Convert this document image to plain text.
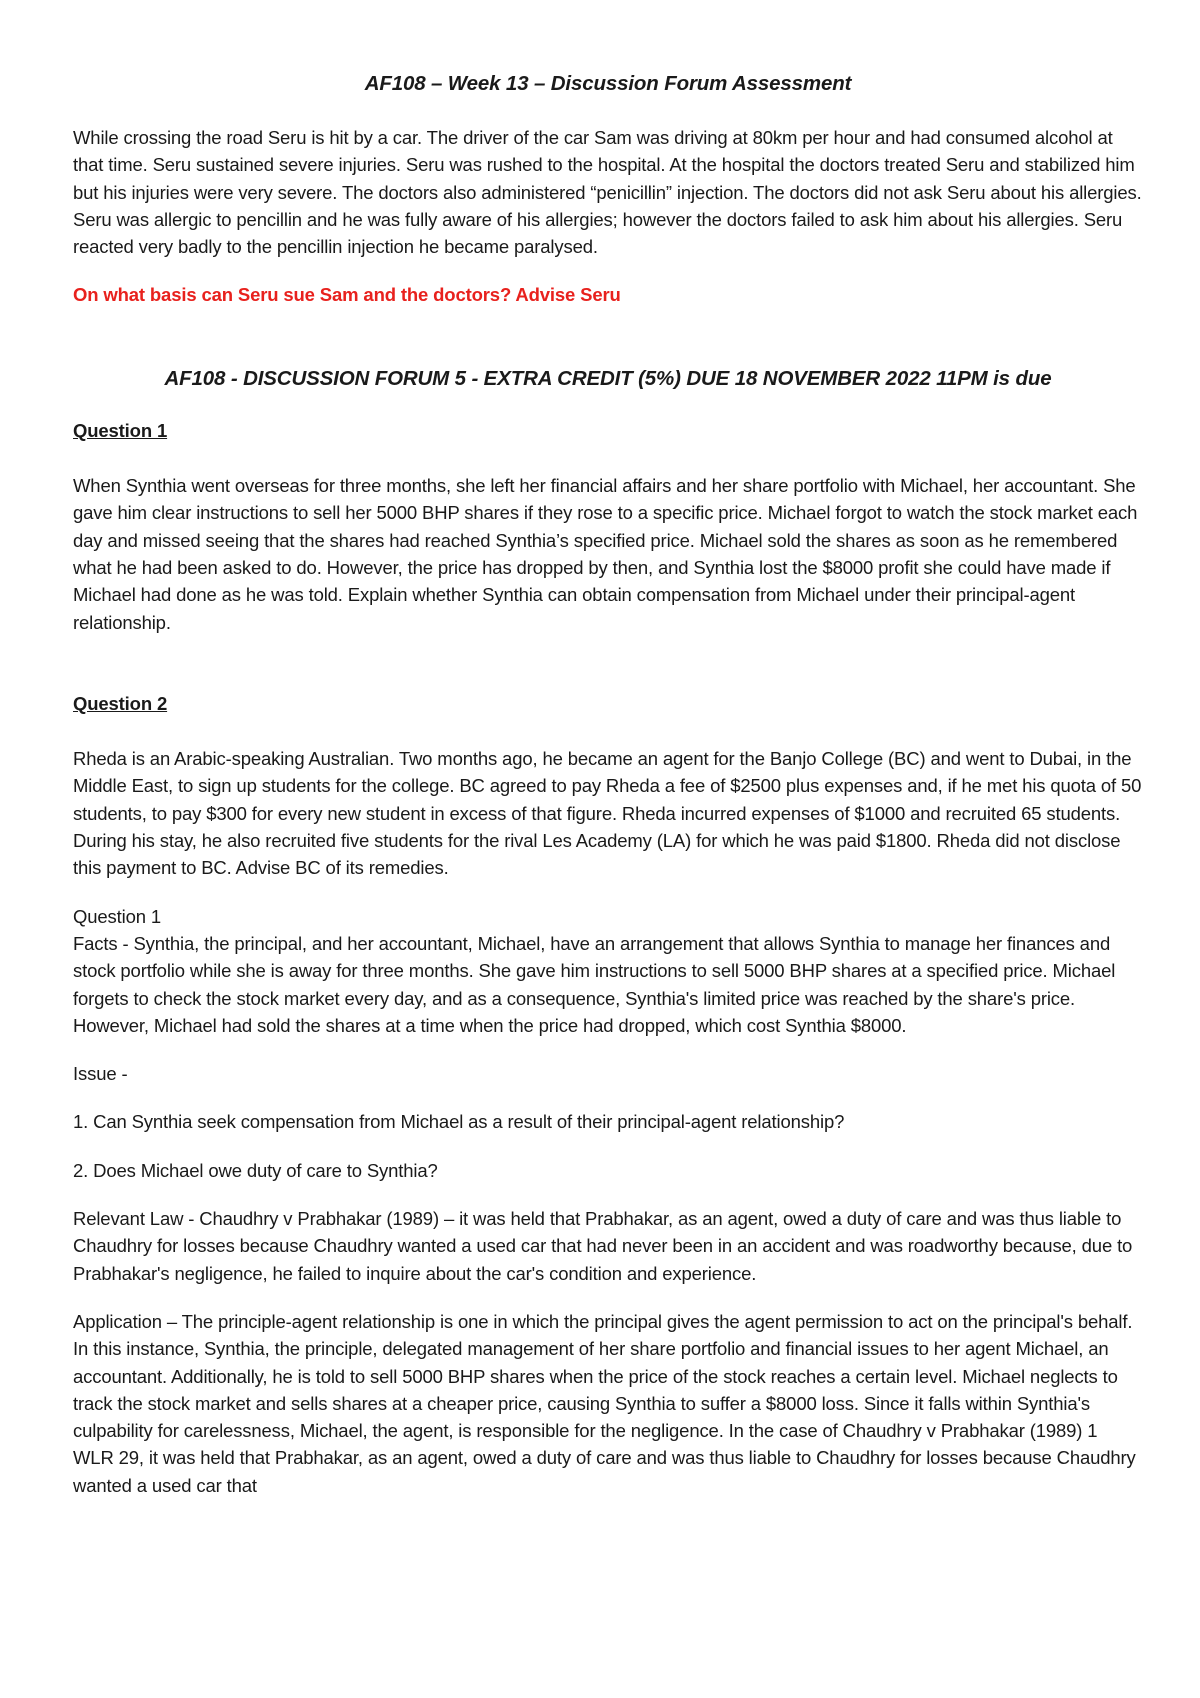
AF108 – Week 13 – Discussion Forum Assessment

While crossing the road Seru is hit by a car. The driver of the car Sam was driving at 80km per hour and had consumed alcohol at that time. Seru sustained severe injuries. Seru was rushed to the hospital. At the hospital the doctors treated Seru and stabilized him but his injuries were very severe. The doctors also administered “penicillin” injection. The doctors did not ask Seru about his allergies. Seru was allergic to pencillin and he was fully aware of his allergies; however the doctors failed to ask him about his allergies. Seru reacted very badly to the pencillin injection he became paralysed.

On what basis can Seru sue Sam and the doctors? Advise Seru

AF108 - DISCUSSION FORUM 5 - EXTRA CREDIT (5%) DUE 18 NOVEMBER 2022 11PM is due

Question 1

When Synthia went overseas for three months, she left her financial affairs and her share portfolio with Michael, her accountant. She gave him clear instructions to sell her 5000 BHP shares if they rose to a specific price. Michael forgot to watch the stock market each day and missed seeing that the shares had reached Synthia’s specified price. Michael sold the shares as soon as he remembered what he had been asked to do. However, the price has dropped by then, and Synthia lost the $8000 profit she could have made if Michael had done as he was told. Explain whether Synthia can obtain compensation from Michael under their principal-agent relationship.

Question 2

Rheda is an Arabic-speaking Australian. Two months ago, he became an agent for the Banjo College (BC) and went to Dubai, in the Middle East, to sign up students for the college. BC agreed to pay Rheda a fee of $2500 plus expenses and, if he met his quota of 50 students, to pay $300 for every new student in excess of that figure. Rheda incurred expenses of $1000 and recruited 65 students. During his stay, he also recruited five students for the rival Les Academy (LA) for which he was paid $1800. Rheda did not disclose this payment to BC. Advise BC of its remedies.

Question 1

Facts - Synthia, the principal, and her accountant, Michael, have an arrangement that allows Synthia to manage her finances and stock portfolio while she is away for three months. She gave him instructions to sell 5000 BHP shares at a specified price. Michael forgets to check the stock market every day, and as a consequence, Synthia's limited price was reached by the share's price. However, Michael had sold the shares at a time when the price had dropped, which cost Synthia $8000.

Issue -

1. Can Synthia seek compensation from Michael as a result of their principal-agent relationship?

2. Does Michael owe duty of care to Synthia?

Relevant Law - Chaudhry v Prabhakar (1989) – it was held that Prabhakar, as an agent, owed a duty of care and was thus liable to Chaudhry for losses because Chaudhry wanted a used car that had never been in an accident and was roadworthy because, due to Prabhakar's negligence, he failed to inquire about the car's condition and experience.

Application – The principle-agent relationship is one in which the principal gives the agent permission to act on the principal's behalf. In this instance, Synthia, the principle, delegated management of her share portfolio and financial issues to her agent Michael, an accountant. Additionally, he is told to sell 5000 BHP shares when the price of the stock reaches a certain level. Michael neglects to track the stock market and sells shares at a cheaper price, causing Synthia to suffer a $8000 loss. Since it falls within Synthia's culpability for carelessness, Michael, the agent, is responsible for the negligence. In the case of Chaudhry v Prabhakar (1989) 1 WLR 29, it was held that Prabhakar, as an agent, owed a duty of care and was thus liable to Chaudhry for losses because Chaudhry wanted a used car that
